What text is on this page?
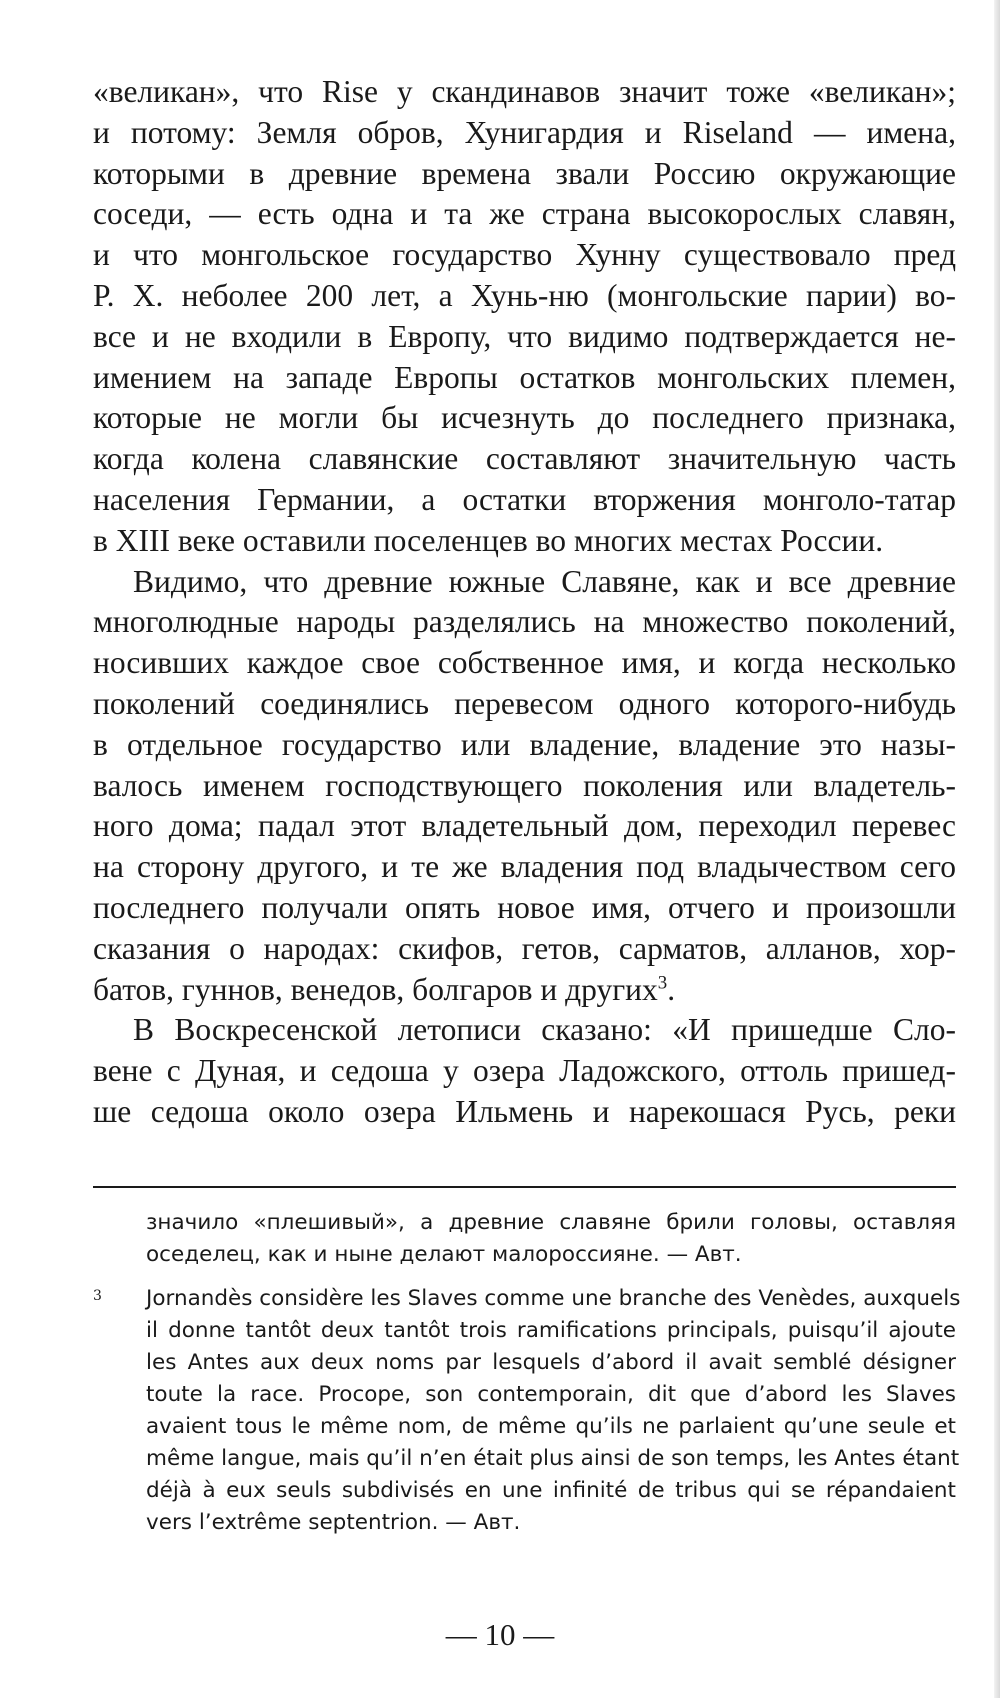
«великан», что Rise у скандинавов значит тоже «великан»;
и потому: Земля обров, Хунигардия и Riseland — имена,
которыми в древние времена звали Россию окружающие
соседи, — есть одна и та же страна высокорослых славян,
и что монгольское государство Хунну существовало пред
Р. Х. неболее 200 лет, а Хунь-ню (монгольские парии) во-
все и не входили в Европу, что видимо подтверждается не-
имением на западе Европы остатков монгольских племен,
которые не могли бы исчезнуть до последнего признака,
когда колена славянские составляют значительную часть
населения Германии, а остатки вторжения монголо-татар
в XIII веке оставили поселенцев во многих местах России.
Видимо, что древние южные Славяне, как и все древние
многолюдные народы разделялись на множество поколений,
носивших каждое свое собственное имя, и когда несколько
поколений соединялись перевесом одного которого-нибудь
в отдельное государство или владение, владение это назы-
валось именем господствующего поколения или владетель-
ного дома; падал этот владетельный дом, переходил перевес
на сторону другого, и те же владения под владычеством сего
последнего получали опять новое имя, отчего и произошли
сказания о народах: скифов, гетов, сарматов, алланов, хор-
батов, гуннов, венедов, болгаров и других$^3$.
В Воскресенской летописи сказано: «И пришедше Сло-
вене с Дуная, и седоша у озера Ладожского, оттоль пришед-
ше седоша около озера Ильмень и нарекошася Русь, реки
значило «плешивый», а древние славяне брили головы, оставляя
оседелец, как и ныне делают малороссияне. — Авт.
3 Jornandès considère les Slaves comme une branche des Venèdes, auxquels
il donne tantôt deux tantôt trois ramifications principals, puisqu’il ajoute
les Antes aux deux noms par lesquels d’abord il avait semblé désigner
toute la race. Procope, son contemporain, dit que d’abord les Slaves
avaient tous le même nom, de même qu’ils ne parlaient qu’une seule et
même langue, mais qu’il n’en était plus ainsi de son temps, les Antes étant
déjà à eux seuls subdivisés en une infinité de tribus qui se répandaient
vers l’extrême septentrion. — Авт.
— 10 —
